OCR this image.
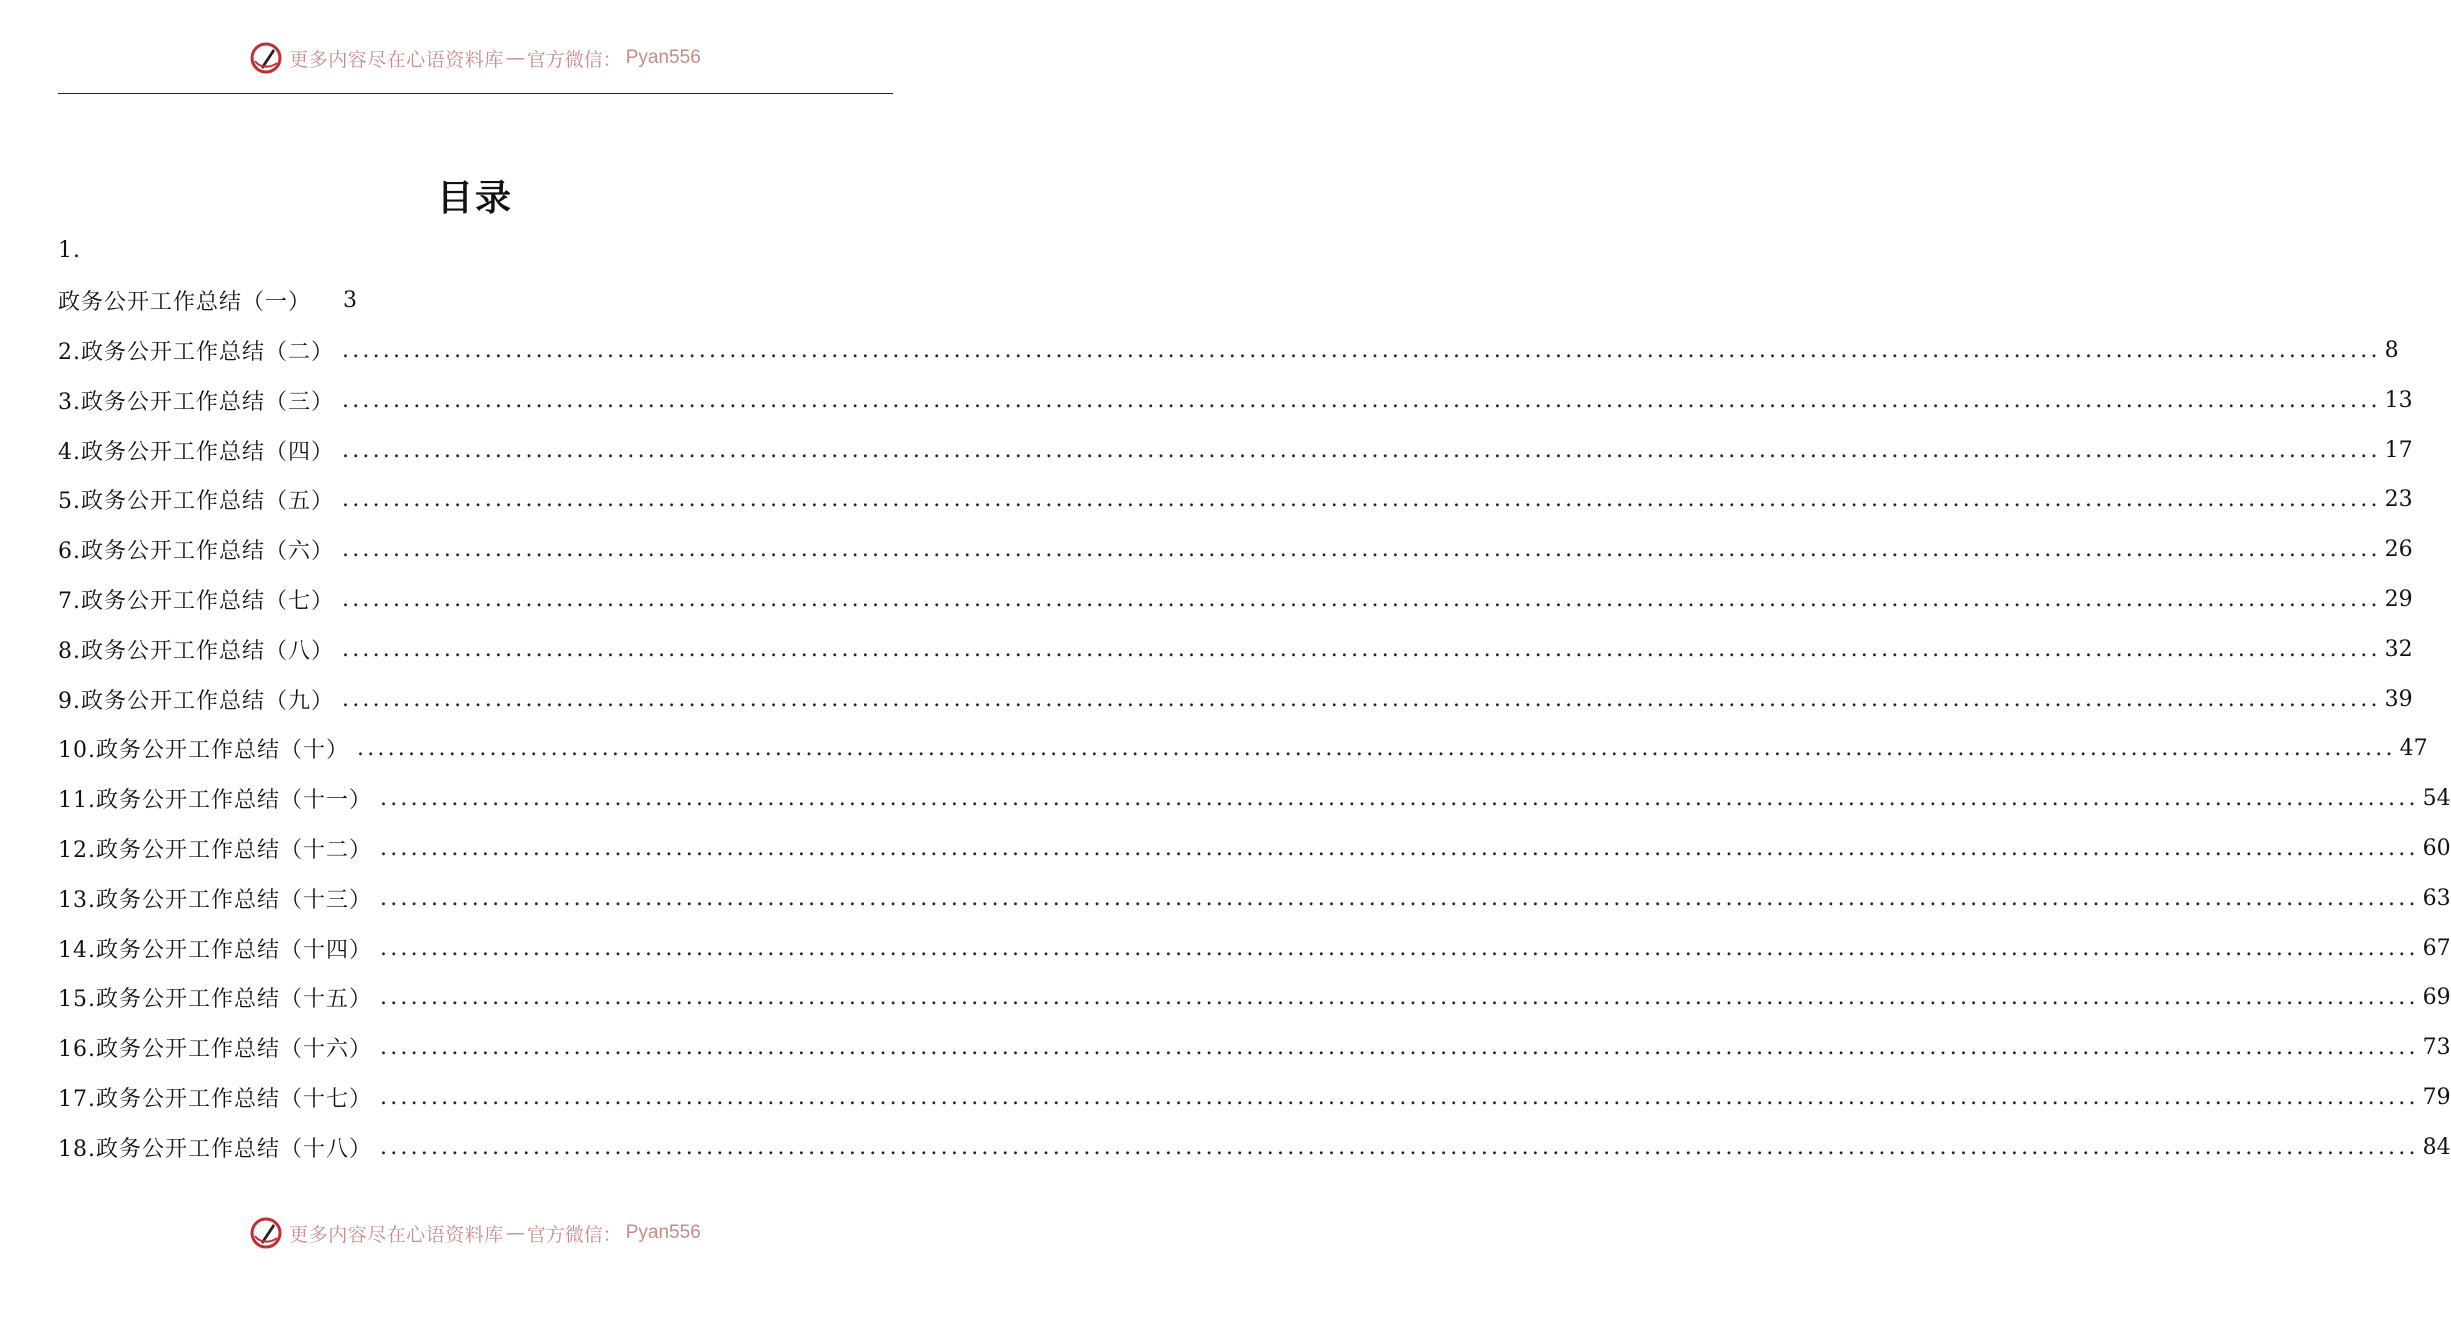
更多内容尽在心语资料库 — 官方微信： Pyan556
目录
1.
政务公开工作总结（一） 3
2.政务公开工作总结（二） ........................................................................................................................................................................................................ 8
3.政务公开工作总结（三） ........................................................................................................................................................................................................ 13
4.政务公开工作总结（四） ........................................................................................................................................................................................................ 17
5.政务公开工作总结（五） ........................................................................................................................................................................................................ 23
6.政务公开工作总结（六） ........................................................................................................................................................................................................ 26
7.政务公开工作总结（七） ........................................................................................................................................................................................................ 29
8.政务公开工作总结（八） ........................................................................................................................................................................................................ 32
9.政务公开工作总结（九） ........................................................................................................................................................................................................ 39
10.政务公开工作总结（十） ........................................................................................................................................................................................................ 47
11.政务公开工作总结（十一） ........................................................................................................................................................................................................ 54
12.政务公开工作总结（十二） ........................................................................................................................................................................................................ 60
13.政务公开工作总结（十三） ........................................................................................................................................................................................................ 63
14.政务公开工作总结（十四） ........................................................................................................................................................................................................ 67
15.政务公开工作总结（十五） ........................................................................................................................................................................................................ 69
16.政务公开工作总结（十六） ........................................................................................................................................................................................................ 73
17.政务公开工作总结（十七） ........................................................................................................................................................................................................ 79
18.政务公开工作总结（十八） ........................................................................................................................................................................................................ 84
更多内容尽在心语资料库 — 官方微信： Pyan556
